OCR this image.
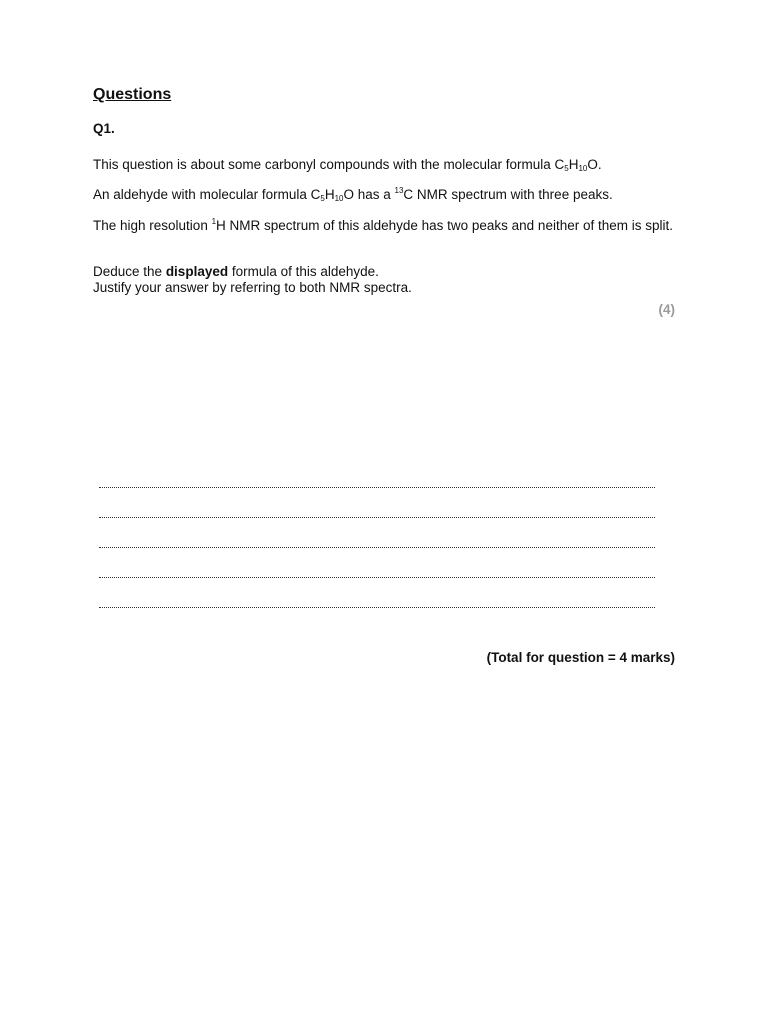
Questions
Q1.
This question is about some carbonyl compounds with the molecular formula $C_5H_{10}O$.
An aldehyde with molecular formula $C_5H_{10}O$ has a $^{13}$C NMR spectrum with three peaks.
The high resolution $^1$H NMR spectrum of this aldehyde has two peaks and neither of them is split.
Deduce the displayed formula of this aldehyde.
Justify your answer by referring to both NMR spectra.
(4)
(Total for question = 4 marks)
